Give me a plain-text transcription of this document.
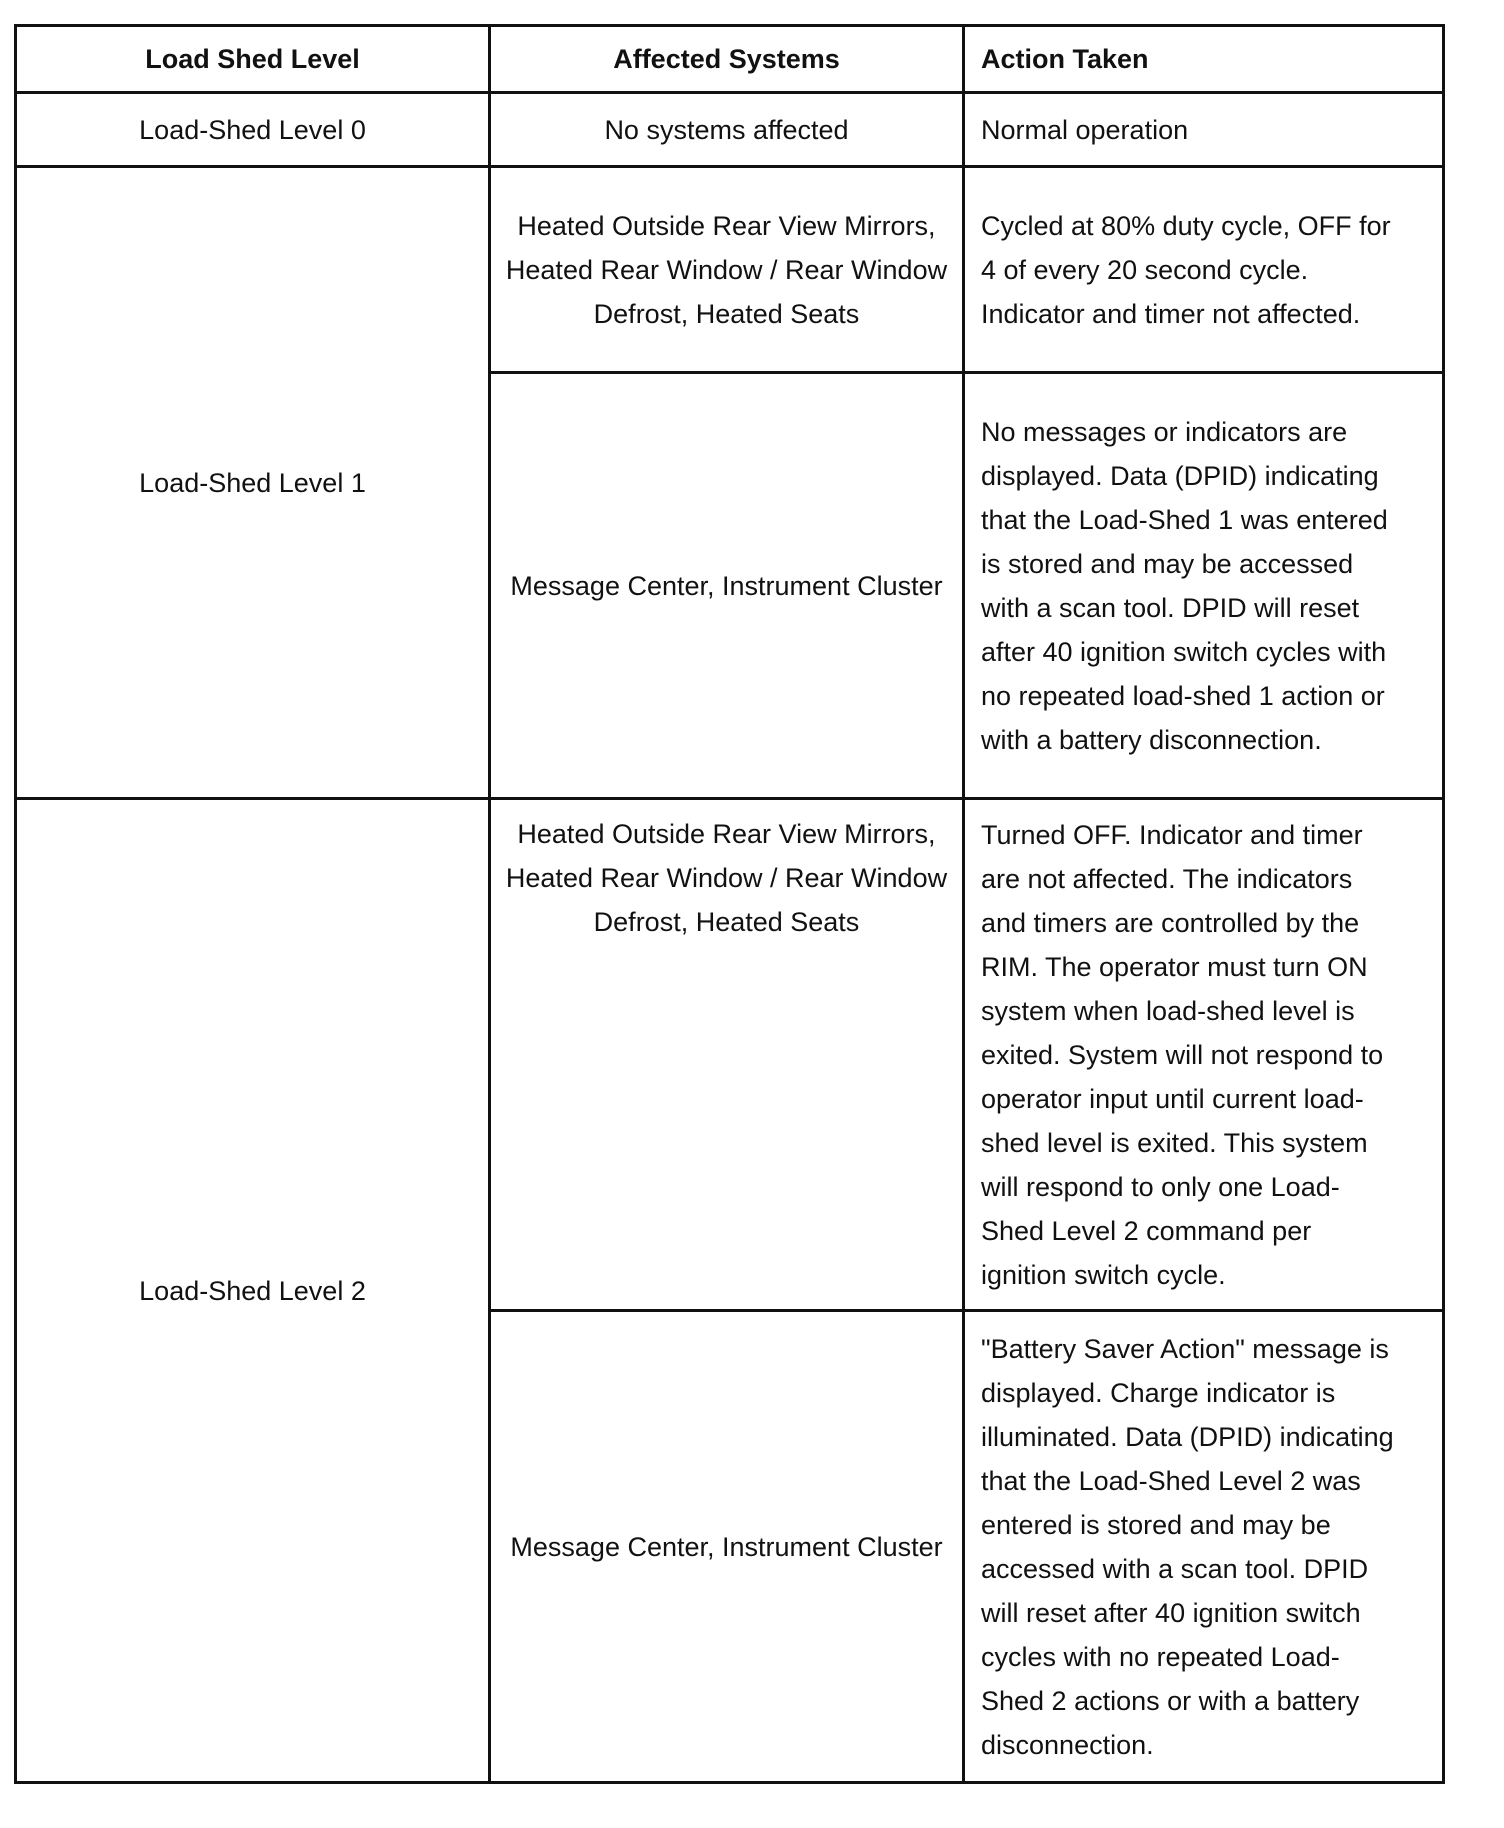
Load Shed Level	Affected Systems	Action Taken
Load-Shed Level 0	No systems affected	Normal operation
Load-Shed Level 1	Heated Outside Rear View Mirrors, Heated Rear Window / Rear Window Defrost, Heated Seats	Cycled at 80% duty cycle, OFF for 4 of every 20 second cycle. Indicator and timer not affected.
	Message Center, Instrument Cluster	No messages or indicators are displayed. Data (DPID) indicating that the Load-Shed 1 was entered is stored and may be accessed with a scan tool. DPID will reset after 40 ignition switch cycles with no repeated load-shed 1 action or with a battery disconnection.
Load-Shed Level 2	Heated Outside Rear View Mirrors, Heated Rear Window / Rear Window Defrost, Heated Seats	Turned OFF. Indicator and timer are not affected. The indicators and timers are controlled by the RIM. The operator must turn ON system when load-shed level is exited. System will not respond to operator input until current load-shed level is exited. This system will respond to only one Load-Shed Level 2 command per ignition switch cycle.
	Message Center, Instrument Cluster	"Battery Saver Action" message is displayed. Charge indicator is illuminated. Data (DPID) indicating that the Load-Shed Level 2 was entered is stored and may be accessed with a scan tool. DPID will reset after 40 ignition switch cycles with no repeated Load-Shed 2 actions or with a battery disconnection.
